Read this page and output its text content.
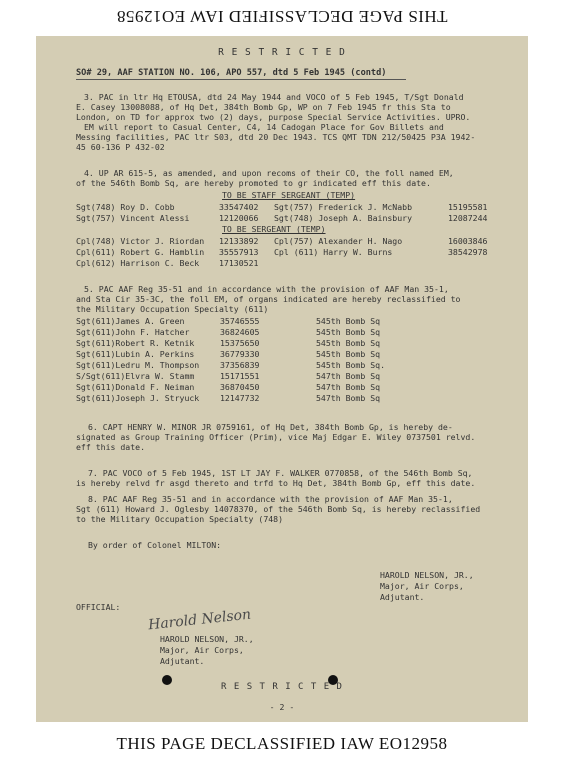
THIS PAGE DECLASSIFIED IAW EO12958
R E S T R I C T E D
SO# 29, AAF STATION NO. 106, APO 557, dtd 5 Feb 1945 (contd)
3. PAC in ltr Hq ETOUSA, dtd 24 May 1944 and VOCO of 5 Feb 1945, T/Sgt Donald
E. Casey 13008088, of Hq Det, 384th Bomb Gp, WP on 7 Feb 1945 fr this Sta to
London, on TD for approx two (2) days, purpose Special Service Activities. UPRO.
EM will report to Casual Center, C4, 14 Cadogan Place for Gov Billets and
Messing facilities, PAC ltr S03, dtd 20 Dec 1943. TCS QMT TDN 212/50425 P3A 1942-
45 60-136 P 432-02
4. UP AR 615-5, as amended, and upon recoms of their CO, the foll named EM,
of the 546th Bomb Sq, are hereby promoted to gr indicated eff this date.
TO BE STAFF SERGEANT (TEMP)
Sgt(748) Roy D. Cobb	33547402 Sgt(757) Frederick J. McNabb	15195581
Sgt(757) Vincent Alessi	12120066 Sgt(748) Joseph A. Bainsbury	12087244
TO BE SERGEANT (TEMP)
Cpl(748) Victor J. Riordan 12133892 Cpl(757) Alexander H. Nago	16003846
Cpl(611) Robert G. Hamblin 35557913 Cpl (611) Harry W. Burns	38542978
Cpl(612) Harrison C. Beck 17130521
5. PAC AAF Reg 35-51 and in accordance with the provision of AAF Man 35-1,
and Sta Cir 35-3C, the foll EM, of organs indicated are hereby reclassified to
the Military Occupation Specialty (611)
Sgt(611)James A. Green	35746555	545th Bomb Sq
Sgt(611)John F. Hatcher	36824605	545th Bomb Sq
Sgt(611)Robert R. Ketnik	15375650	545th Bomb Sq
Sgt(611)Lubin A. Perkins	36779330	545th Bomb Sq
Sgt(611)Ledru M. Thompson	37356839	545th Bomb Sq.
S/Sgt(611)Elvra W. Stamm	15171551	547th Bomb Sq
Sgt(611)Donald F. Neiman	36870450	547th Bomb Sq
Sgt(611)Joseph J. Stryuck	12147732	547th Bomb Sq
6. CAPT HENRY W. MINOR JR 0759161, of Hq Det, 384th Bomb Gp, is hereby de-
signated as Group Training Officer (Prim), vice Maj Edgar E. Wiley 0737501 relvd.
eff this date.
7. PAC VOCO of 5 Feb 1945, 1ST LT JAY F. WALKER 0770858, of the 546th Bomb Sq,
is hereby relvd fr asgd thereto and trfd to Hq Det, 384th Bomb Gp, eff this date.
8. PAC AAF Reg 35-51 and in accordance with the provision of AAF Man 35-1,
Sgt (611) Howard J. Oglesby 14078370, of the 546th Bomb Sq, is hereby reclassified
to the Military Occupation Specialty (748)
By order of Colonel MILTON:
HAROLD NELSON, JR.,
Major, Air Corps,
Adjutant.
OFFICIAL: Harold Nelson
HAROLD NELSON, JR.,
Major, Air Corps,
Adjutant.
R E S T R I C T E D
- 2 -
THIS PAGE DECLASSIFIED IAW EO12958
